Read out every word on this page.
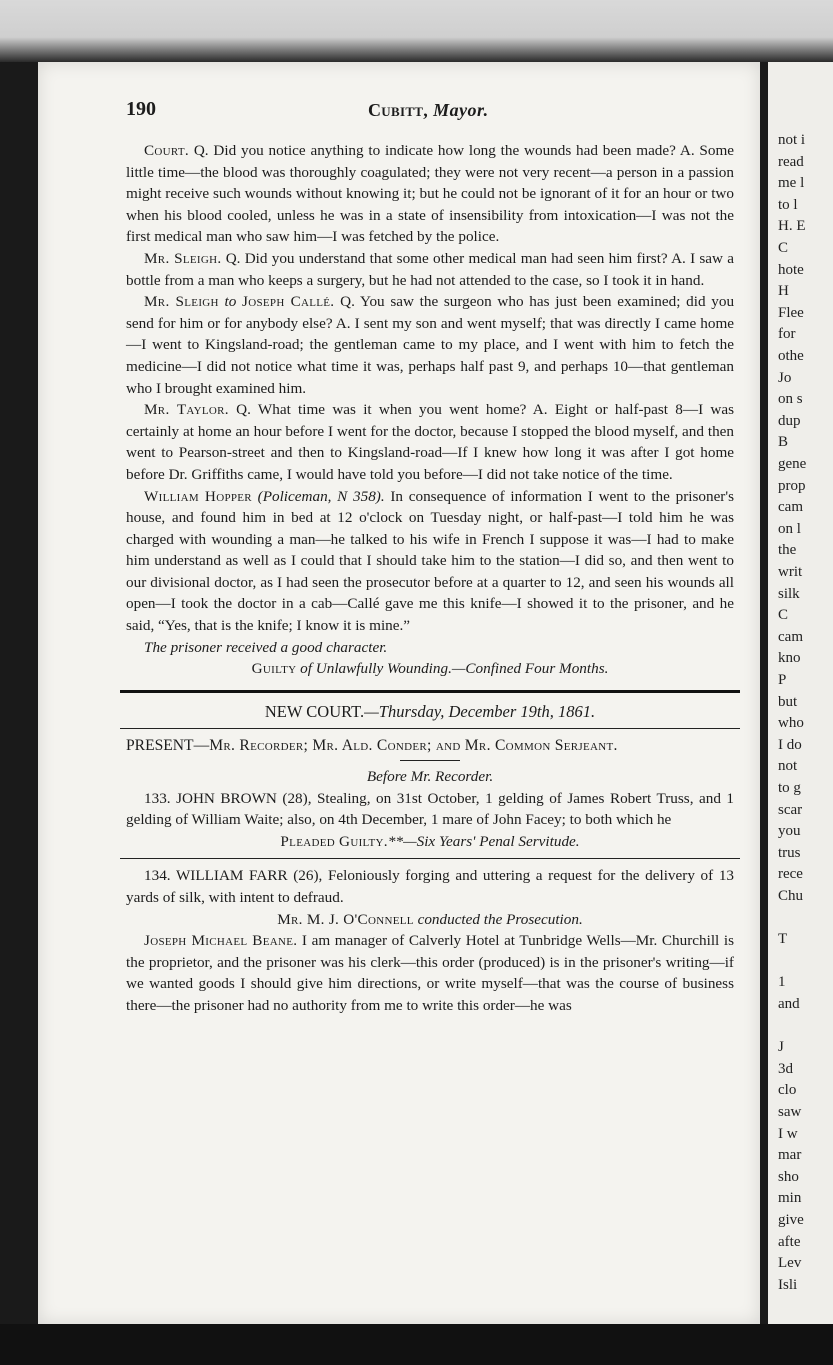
190	Cubitt, Mayor.

Court. Q. Did you notice anything to indicate how long the wounds had been made? A. Some little time—the blood was thoroughly coagulated; they were not very recent—a person in a passion might receive such wounds without knowing it; but he could not be ignorant of it for an hour or two when his blood cooled, unless he was in a state of insensibility from intoxication—I was not the first medical man who saw him—I was fetched by the police.

Mr. Sleigh. Q. Did you understand that some other medical man had seen him first? A. I saw a bottle from a man who keeps a surgery, but he had not attended to the case, so I took it in hand.

Mr. Sleigh to Joseph Callé. Q. You saw the surgeon who has just been examined; did you send for him or for anybody else? A. I sent my son and went myself; that was directly I came home—I went to Kingsland-road; the gentleman came to my place, and I went with him to fetch the medicine—I did not notice what time it was, perhaps half past 9, and perhaps 10—that gentleman who I brought examined him.

Mr. Taylor. Q. What time was it when you went home? A. Eight or half-past 8—I was certainly at home an hour before I went for the doctor, because I stopped the blood myself, and then went to Pearson-street and then to Kingsland-road—If I knew how long it was after I got home before Dr. Griffiths came, I would have told you before—I did not take notice of the time.

William Hopper (Policeman, N 358). In consequence of information I went to the prisoner's house, and found him in bed at 12 o'clock on Tuesday night, or half-past—I told him he was charged with wounding a man—he talked to his wife in French I suppose it was—I had to make him understand as well as I could that I should take him to the station—I did so, and then went to our divisional doctor, as I had seen the prosecutor before at a quarter to 12, and seen his wounds all open—I took the doctor in a cab—Callé gave me this knife—I showed it to the prisoner, and he said, “Yes, that is the knife; I know it is mine.”

The prisoner received a good character.

Guilty of Unlawfully Wounding.—Confined Four Months.

NEW COURT.—Thursday, December 19th, 1861.

PRESENT—Mr. Recorder; Mr. Ald. Conder; and Mr. Common Serjeant.

Before Mr. Recorder.

133. JOHN BROWN (28), Stealing, on 31st October, 1 gelding of James Robert Truss, and 1 gelding of William Waite; also, on 4th December, 1 mare of John Facey; to both which he

Pleaded Guilty.**—Six Years' Penal Servitude.

134. WILLIAM FARR (26), Feloniously forging and uttering a request for the delivery of 13 yards of silk, with intent to defraud.

Mr. M. J. O'Connell conducted the Prosecution.

Joseph Michael Beane. I am manager of Calverly Hotel at Tunbridge Wells—Mr. Churchill is the proprietor, and the prisoner was his clerk—this order (produced) is in the prisoner's writing—if we wanted goods I should give him directions, or write myself—that was the course of business there—the prisoner had no authority from me to write this order—he was

not i
read
me l
to l
H. E
C
hote
H
Flee
for
othe
Jo
on s
dup
B
gene
prop
cam
on l
the
writ
silk
C
cam
kno
P
but
who
I do
not
to g
scar
you
trus
rece
Chu
T
1
and
J
3d
clo
saw
I w
mar
sho
min
give
afte
Lev
Isli
